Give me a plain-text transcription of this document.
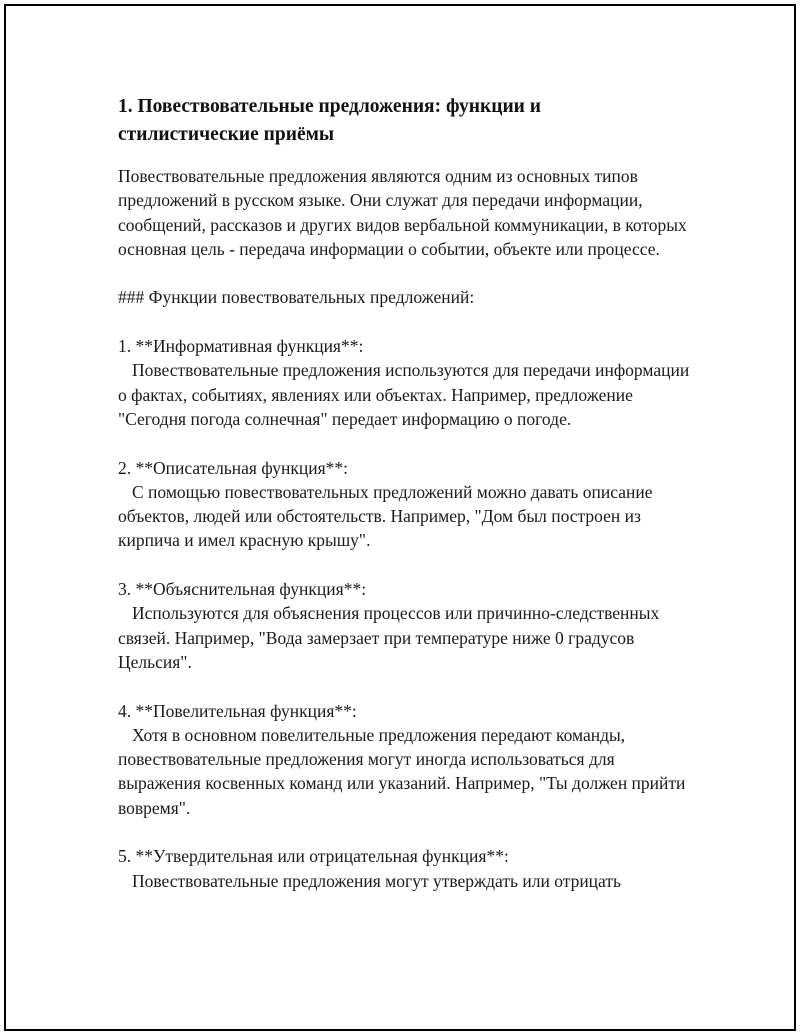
1. Повествовательные предложения: функции и
стилистические приёмы

Повествовательные предложения являются одним из основных типов предложений в русском языке. Они служат для передачи информации, сообщений, рассказов и других видов вербальной коммуникации, в которых основная цель - передача информации о событии, объекте или процессе.

### Функции повествовательных предложений:

1. **Информативная функция**:

Повествовательные предложения используются для передачи информации о фактах, событиях, явлениях или объектах. Например, предложение "Сегодня погода солнечная" передает информацию о погоде.

2. **Описательная функция**:

С помощью повествовательных предложений можно давать описание объектов, людей или обстоятельств. Например, "Дом был построен из кирпича и имел красную крышу".

3. **Объяснительная функция**:

Используются для объяснения процессов или причинно-следственных связей. Например, "Вода замерзает при температуре ниже 0 градусов Цельсия".

4. **Повелительная функция**:

Хотя в основном повелительные предложения передают команды, повествовательные предложения могут иногда использоваться для выражения косвенных команд или указаний. Например, "Ты должен прийти вовремя".

5. **Утвердительная или отрицательная функция**:

Повествовательные предложения могут утверждать или отрицать
